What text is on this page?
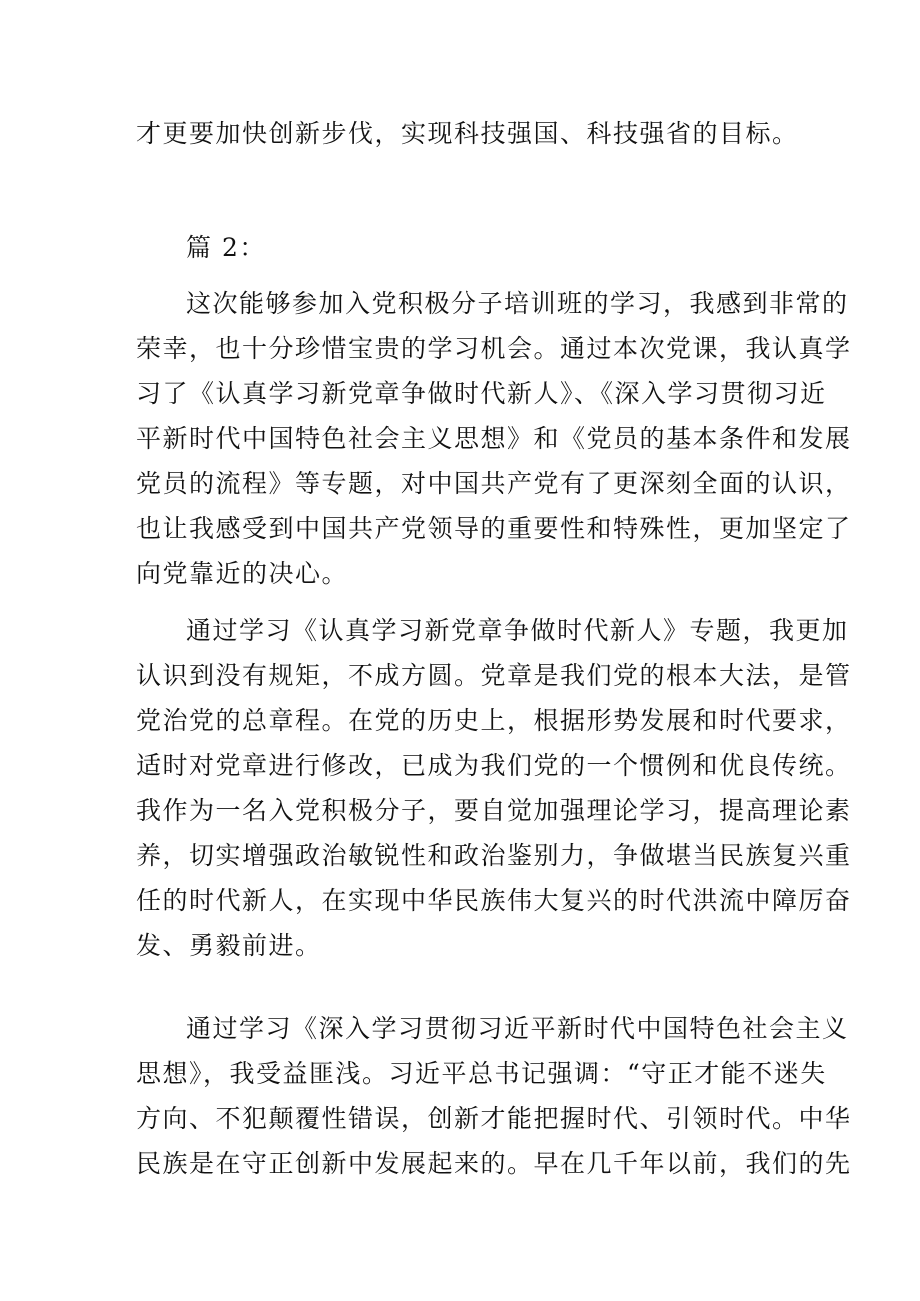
才更要加快创新步伐，实现科技强国、科技强省的目标。
篇 2：
这次能够参加入党积极分子培训班的学习，我感到非常的
荣幸，也十分珍惜宝贵的学习机会。通过本次党课，我认真学
习了《认真学习新党章争做时代新人》、《深入学习贯彻习近
平新时代中国特色社会主义思想》和《党员的基本条件和发展
党员的流程》等专题，对中国共产党有了更深刻全面的认识，
也让我感受到中国共产党领导的重要性和特殊性，更加坚定了
向党靠近的决心。
通过学习《认真学习新党章争做时代新人》专题，我更加
认识到没有规矩，不成方圆。党章是我们党的根本大法，是管
党治党的总章程。在党的历史上，根据形势发展和时代要求，
适时对党章进行修改，已成为我们党的一个惯例和优良传统。
我作为一名入党积极分子，要自觉加强理论学习，提高理论素
养，切实增强政治敏锐性和政治鉴别力，争做堪当民族复兴重
任的时代新人，在实现中华民族伟大复兴的时代洪流中障厉奋
发、勇毅前进。
通过学习《深入学习贯彻习近平新时代中国特色社会主义
思想》，我受益匪浅。习近平总书记强调：“守正才能不迷失
方向、不犯颠覆性错误，创新才能把握时代、引领时代。中华
民族是在守正创新中发展起来的。早在几千年以前，我们的先
